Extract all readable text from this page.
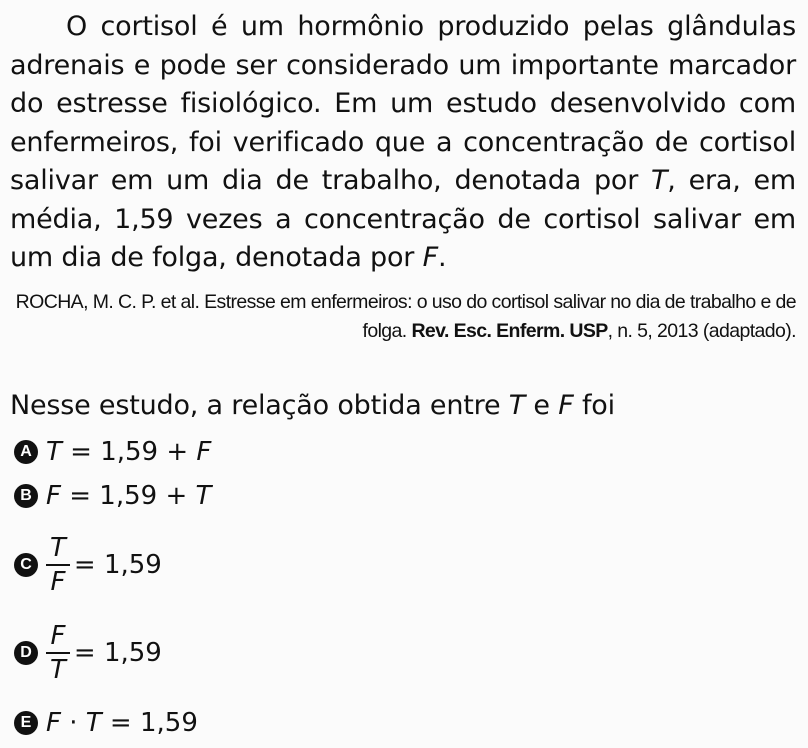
O cortisol é um hormônio produzido pelas glândulas adrenais e pode ser considerado um importante marcador do estresse fisiológico. Em um estudo desenvolvido com enfermeiros, foi verificado que a concentração de cortisol salivar em um dia de trabalho, denotada por T, era, em média, 1,59 vezes a concentração de cortisol salivar em um dia de folga, denotada por F.

ROCHA, M. C. P. et al. Estresse em enfermeiros: o uso do cortisol salivar no dia de trabalho e de folga. Rev. Esc. Enferm. USP, n. 5, 2013 (adaptado).

Nesse estudo, a relação obtida entre T e F foi

A T = 1,59 + F
B F = 1,59 + T
C $\frac{T}{F} = 1,59$
D $\frac{F}{T} = 1,59$
E F · T = 1,59
